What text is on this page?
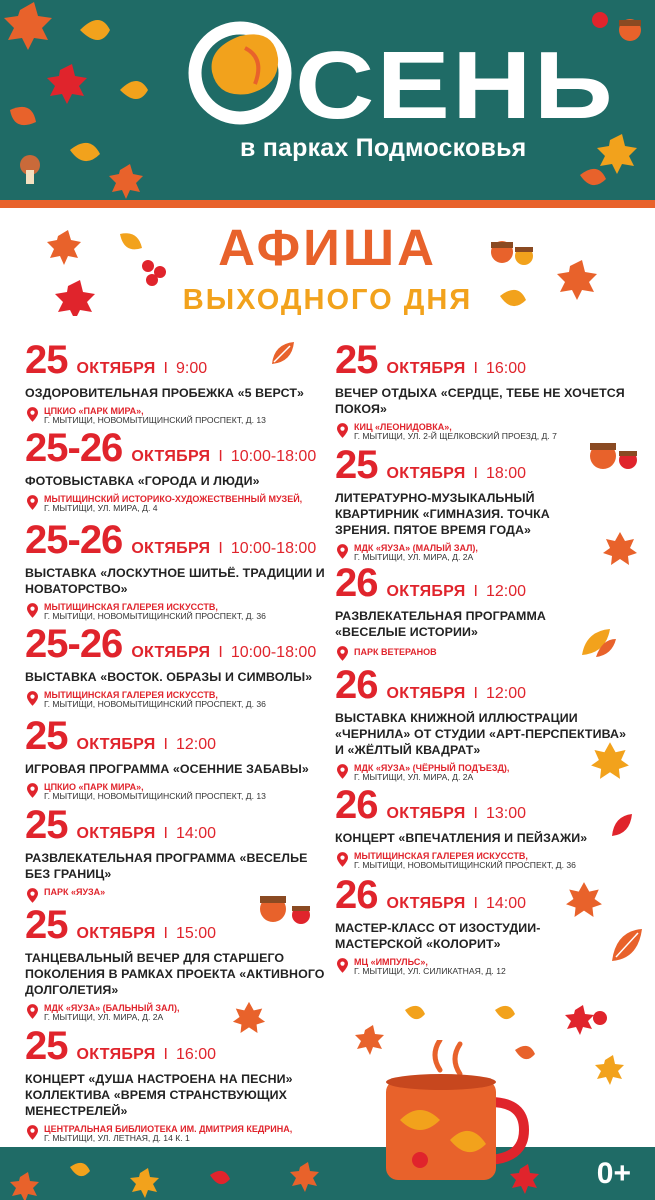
СЕНЬ
в парках Подмосковья
АФИША
ВЫХОДНОГО ДНЯ
25 ОКТЯБРЯ I 9:00
ОЗДОРОВИТЕЛЬНАЯ ПРОБЕЖКА «5 ВЕРСТ»
ЦПКИО «ПАРК МИРА»,
Г. МЫТИЩИ, НОВОМЫТИЩИНСКИЙ ПРОСПЕКТ, Д. 13
25-26 ОКТЯБРЯ I 10:00-18:00
ФОТОВЫСТАВКА «ГОРОДА И ЛЮДИ»
МЫТИЩИНСКИЙ ИСТОРИКО-ХУДОЖЕСТВЕННЫЙ МУЗЕЙ,
Г. МЫТИЩИ, УЛ. МИРА, Д. 4
25-26 ОКТЯБРЯ I 10:00-18:00
ВЫСТАВКА «ЛОСКУТНОЕ ШИТЬЁ. ТРАДИЦИИ И НОВАТОРСТВО»
МЫТИЩИНСКАЯ ГАЛЕРЕЯ ИСКУССТВ,
Г. МЫТИЩИ, НОВОМЫТИЩИНСКИЙ ПРОСПЕКТ, Д. 36
25-26 ОКТЯБРЯ I 10:00-18:00
ВЫСТАВКА «ВОСТОК. ОБРАЗЫ И СИМВОЛЫ»
МЫТИЩИНСКАЯ ГАЛЕРЕЯ ИСКУССТВ,
Г. МЫТИЩИ, НОВОМЫТИЩИНСКИЙ ПРОСПЕКТ, Д. 36
25 ОКТЯБРЯ I 12:00
ИГРОВАЯ ПРОГРАММА «ОСЕННИЕ ЗАБАВЫ»
ЦПКИО «ПАРК МИРА»,
Г. МЫТИЩИ, НОВОМЫТИЩИНСКИЙ ПРОСПЕКТ, Д. 13
25 ОКТЯБРЯ I 14:00
РАЗВЛЕКАТЕЛЬНАЯ ПРОГРАММА «ВЕСЕЛЬЕ БЕЗ ГРАНИЦ»
ПАРК «ЯУЗА»
25 ОКТЯБРЯ I 15:00
ТАНЦЕВАЛЬНЫЙ ВЕЧЕР ДЛЯ СТАРШЕГО ПОКОЛЕНИЯ В РАМКАХ ПРОЕКТА «АКТИВНОГО ДОЛГОЛЕТИЯ»
МДК «ЯУЗА» (БАЛЬНЫЙ ЗАЛ),
Г. МЫТИЩИ, УЛ. МИРА, Д. 2А
25 ОКТЯБРЯ I 16:00
КОНЦЕРТ «ДУША НАСТРОЕНА НА ПЕСНИ» КОЛЛЕКТИВА «ВРЕМЯ СТРАНСТВУЮЩИХ МЕНЕСТРЕЛЕЙ»
ЦЕНТРАЛЬНАЯ БИБЛИОТЕКА ИМ. ДМИТРИЯ КЕДРИНА,
Г. МЫТИЩИ, УЛ. ЛЕТНАЯ, Д. 14 К. 1
25 ОКТЯБРЯ I 16:00
ВЕЧЕР ОТДЫХА «СЕРДЦЕ, ТЕБЕ НЕ ХОЧЕТСЯ ПОКОЯ»
КИЦ «ЛЕОНИДОВКА»,
Г. МЫТИЩИ, УЛ. 2-Й ЩЕЛКОВСКИЙ ПРОЕЗД, Д. 7
25 ОКТЯБРЯ I 18:00
ЛИТЕРАТУРНО-МУЗЫКАЛЬНЫЙ КВАРТИРНИК «ГИМНАЗИЯ. ТОЧКА ЗРЕНИЯ. ПЯТОЕ ВРЕМЯ ГОДА»
МДК «ЯУЗА» (МАЛЫЙ ЗАЛ),
Г. МЫТИЩИ, УЛ. МИРА, Д. 2А
26 ОКТЯБРЯ I 12:00
РАЗВЛЕКАТЕЛЬНАЯ ПРОГРАММА «ВЕСЕЛЫЕ ИСТОРИИ»
ПАРК ВЕТЕРАНОВ
26 ОКТЯБРЯ I 12:00
ВЫСТАВКА КНИЖНОЙ ИЛЛЮСТРАЦИИ «ЧЕРНИЛА» ОТ СТУДИИ «АРТ-ПЕРСПЕКТИВА» И «ЖЁЛТЫЙ КВАДРАТ»
МДК «ЯУЗА» (ЧЁРНЫЙ ПОДЪЕЗД),
Г. МЫТИЩИ, УЛ. МИРА, Д. 2А
26 ОКТЯБРЯ I 13:00
КОНЦЕРТ «ВПЕЧАТЛЕНИЯ И ПЕЙЗАЖИ»
МЫТИЩИНСКАЯ ГАЛЕРЕЯ ИСКУССТВ,
Г. МЫТИЩИ, НОВОМЫТИЩИНСКИЙ ПРОСПЕКТ, Д. 36
26 ОКТЯБРЯ I 14:00
МАСТЕР-КЛАСС ОТ ИЗОСТУДИИ-МАСТЕРСКОЙ «КОЛОРИТ»
МЦ «ИМПУЛЬС»,
Г. МЫТИЩИ, УЛ. СИЛИКАТНАЯ, Д. 12
0+
